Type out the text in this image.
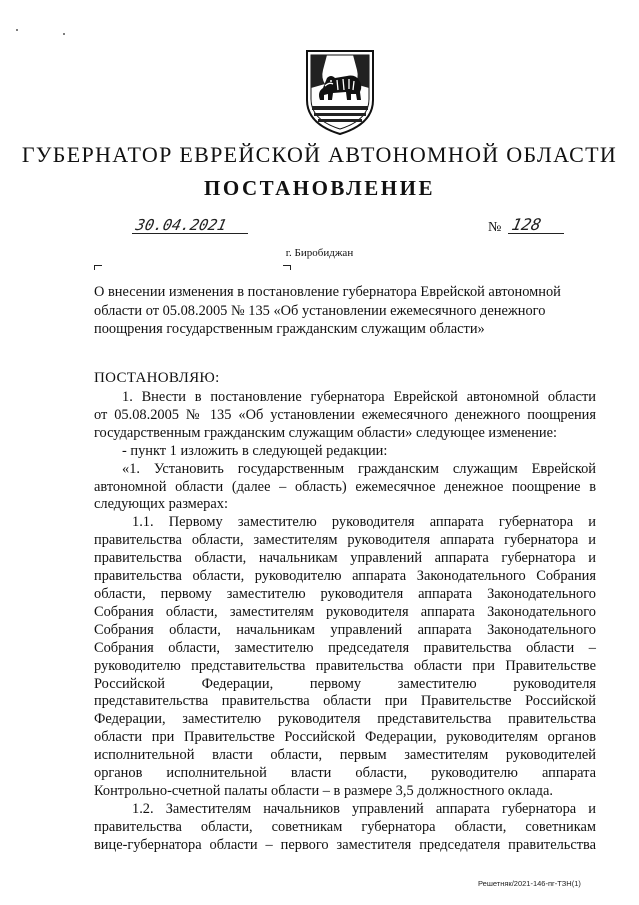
ГУБЕРНАТОР ЕВРЕЙСКОЙ АВТОНОМНОЙ ОБЛАСТИ
ПОСТАНОВЛЕНИЕ
30.04.2021	№ 128
г. Биробиджан
О внесении изменения в постановление губернатора Еврейской автономной
области от 05.08.2005 № 135 «Об установлении ежемесячного денежного
поощрения государственным гражданским служащим области»
ПОСТАНОВЛЯЮ:
1. Внести в постановление губернатора Еврейской автономной области
от 05.08.2005 № 135 «Об установлении ежемесячного денежного поощрения
государственным гражданским служащим области» следующее изменение:
- пункт 1 изложить в следующей редакции:
«1. Установить государственным гражданским служащим Еврейской
автономной области (далее – область) ежемесячное денежное поощрение в
следующих размерах:
1.1. Первому заместителю руководителя аппарата губернатора и
правительства области, заместителям руководителя аппарата губернатора и
правительства области, начальникам управлений аппарата губернатора и
правительства области, руководителю аппарата Законодательного Собрания
области, первому заместителю руководителя аппарата Законодательного
Собрания области, заместителям руководителя аппарата Законодательного
Собрания области, начальникам управлений аппарата Законодательного
Собрания области, заместителю председателя правительства области –
руководителю представительства правительства области при Правительстве
Российской Федерации, первому заместителю руководителя
представительства правительства области при Правительстве Российской
Федерации, заместителю руководителя представительства правительства
области при Правительстве Российской Федерации, руководителям органов
исполнительной власти области, первым заместителям руководителей
органов исполнительной власти области, руководителю аппарата
Контрольно-счетной палаты области – в размере 3,5 должностного оклада.
1.2. Заместителям начальников управлений аппарата губернатора и
правительства области, советникам губернатора области, советникам
вице-губернатора области – первого заместителя председателя правительства
Решетняк/2021-146-пг-ТЗН(1)
